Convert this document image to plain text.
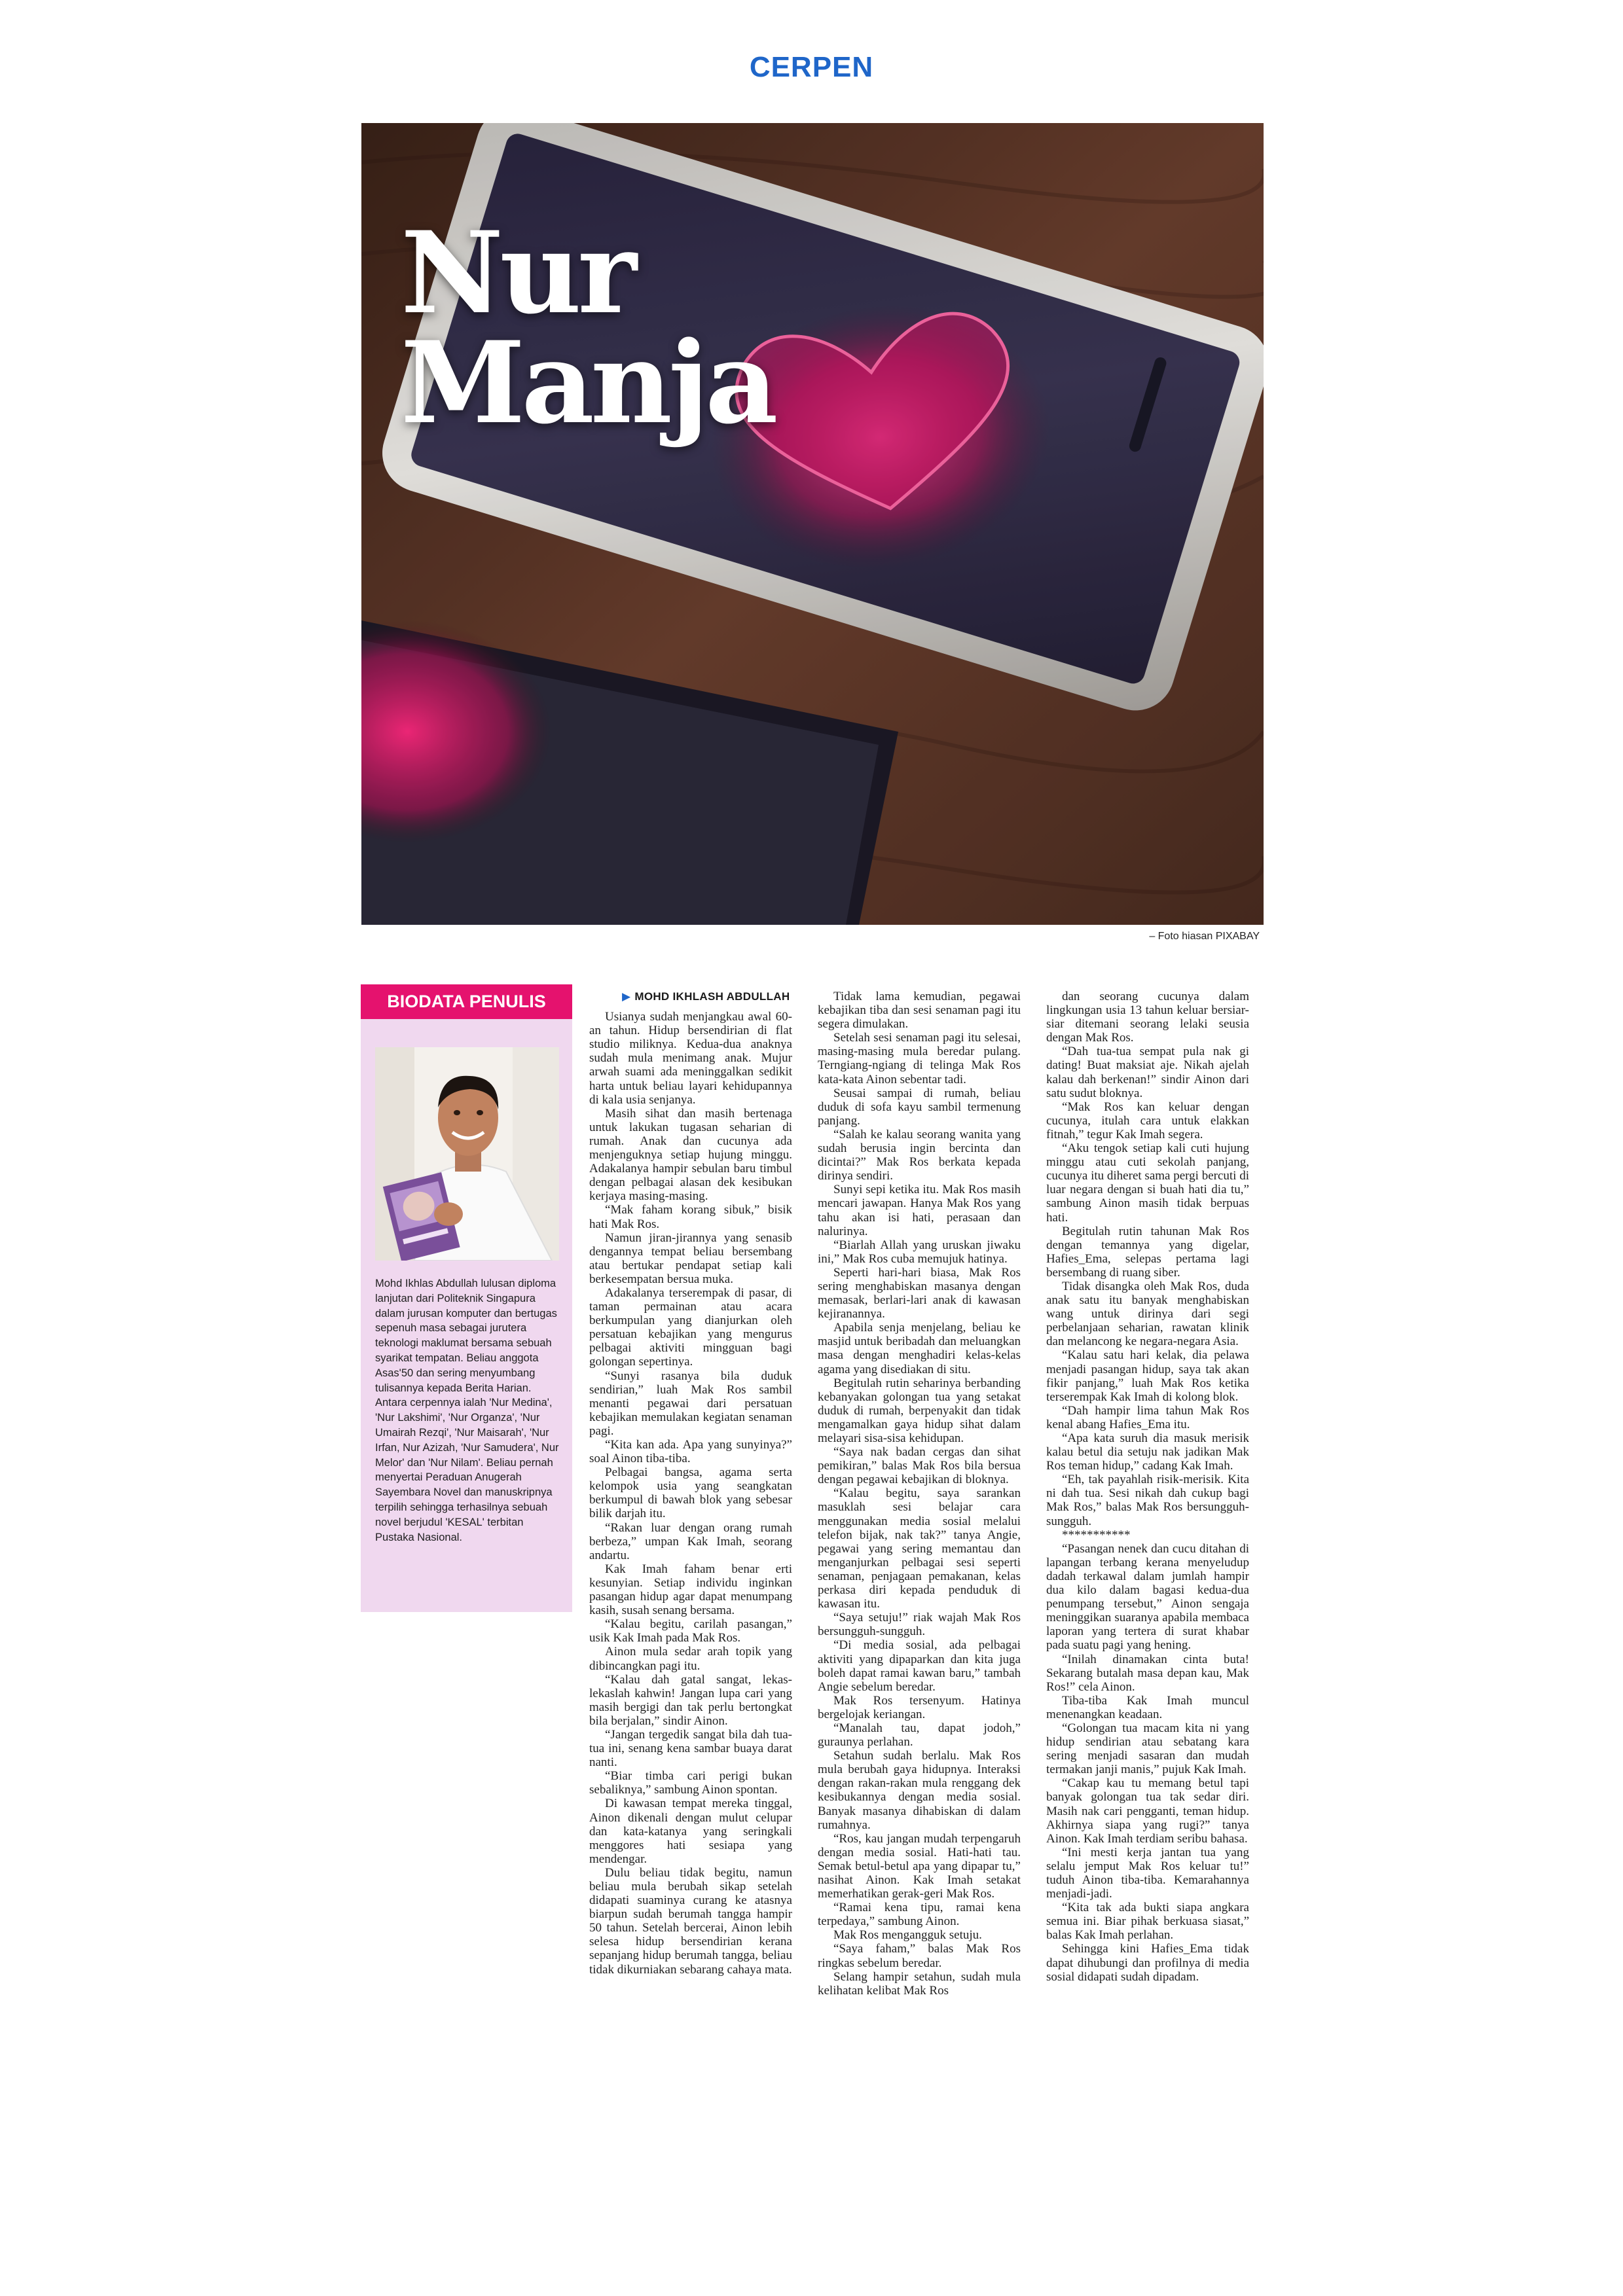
CERPEN
Nur
Manja
– Foto hiasan PIXABAY
BIODATA PENULIS
Mohd Ikhlas Abdullah lulusan diploma lanjutan dari Politeknik Singapura dalam jurusan komputer dan bertugas sepenuh masa sebagai jurutera teknologi maklumat bersama sebuah syarikat tempatan. Beliau anggota Asas'50 dan sering menyumbang tulisannya kepada Berita Harian. Antara cerpennya ialah 'Nur Medina', 'Nur Lakshimi', 'Nur Organza', 'Nur Umairah Rezqi', 'Nur Maisarah', 'Nur Irfan, Nur Azizah, 'Nur Samudera', Nur Melor' dan 'Nur Nilam'. Beliau pernah menyertai Peraduan Anugerah Sayembara Novel dan manuskripnya terpilih sehingga terhasilnya sebuah novel berjudul 'KESAL' terbitan Pustaka Nasional.
▶ MOHD IKHLASH ABDULLAH

Usianya sudah menjangkau awal 60-an tahun. Hidup bersendirian di flat studio miliknya. Kedua-dua anaknya sudah mula menimang anak. Mujur arwah suami ada meninggalkan sedikit harta untuk beliau layari kehidupannya di kala usia senjanya.

Masih sihat dan masih bertenaga untuk lakukan tugasan seharian di rumah. Anak dan cucunya ada menjenguknya setiap hujung minggu. Adakalanya hampir sebulan baru timbul dengan pelbagai alasan dek kesibukan kerjaya masing-masing.

“Mak faham korang sibuk,” bisik hati Mak Ros.

Namun jiran-jirannya yang senasib dengannya tempat beliau bersembang atau bertukar pendapat setiap kali berkesempatan bersua muka.

Adakalanya terserempak di pasar, di taman permainan atau acara berkumpulan yang dianjurkan oleh persatuan kebajikan yang mengurus pelbagai aktiviti mingguan bagi golongan sepertinya.

“Sunyi rasanya bila duduk sendirian,” luah Mak Ros sambil menanti pegawai dari persatuan kebajikan memulakan kegiatan senaman pagi.

“Kita kan ada. Apa yang sunyinya?” soal Ainon tiba-tiba.

Pelbagai bangsa, agama serta kelompok usia yang seangkatan berkumpul di bawah blok yang sebesar bilik darjah itu.

“Rakan luar dengan orang rumah berbeza,” umpan Kak Imah, seorang andartu.

Kak Imah faham benar erti kesunyian. Setiap individu inginkan pasangan hidup agar dapat menumpang kasih, susah senang bersama.

“Kalau begitu, carilah pasangan,” usik Kak Imah pada Mak Ros.

Ainon mula sedar arah topik yang dibincangkan pagi itu.

“Kalau dah gatal sangat, lekas-lekaslah kahwin! Jangan lupa cari yang masih bergigi dan tak perlu bertongkat bila berjalan,” sindir Ainon.

“Jangan tergedik sangat bila dah tua-tua ini, senang kena sambar buaya darat nanti.

“Biar timba cari perigi bukan sebaliknya,” sambung Ainon spontan.

Di kawasan tempat mereka tinggal, Ainon dikenali dengan mulut celupar dan kata-katanya yang seringkali menggores hati sesiapa yang mendengar.

Dulu beliau tidak begitu, namun beliau mula berubah sikap setelah didapati suaminya curang ke atasnya biarpun sudah berumah tangga hampir 50 tahun. Setelah bercerai, Ainon lebih selesa hidup bersendirian kerana sepanjang hidup berumah tangga, beliau tidak dikurniakan sebarang cahaya mata.

Tidak lama kemudian, pegawai kebajikan tiba dan sesi senaman pagi itu segera dimulakan.

Setelah sesi senaman pagi itu selesai, masing-masing mula beredar pulang. Terngiang-ngiang di telinga Mak Ros kata-kata Ainon sebentar tadi.

Seusai sampai di rumah, beliau duduk di sofa kayu sambil termenung panjang.

“Salah ke kalau seorang wanita yang sudah berusia ingin bercinta dan dicintai?” Mak Ros berkata kepada dirinya sendiri.

Sunyi sepi ketika itu. Mak Ros masih mencari jawapan. Hanya Mak Ros yang tahu akan isi hati, perasaan dan nalurinya.

“Biarlah Allah yang uruskan jiwaku ini,” Mak Ros cuba memujuk hatinya.

Seperti hari-hari biasa, Mak Ros sering menghabiskan masanya dengan memasak, berlari-lari anak di kawasan kejiranannya.

Apabila senja menjelang, beliau ke masjid untuk beribadah dan meluangkan masa dengan menghadiri kelas-kelas agama yang disediakan di situ.

Begitulah rutin seharinya berbanding kebanyakan golongan tua yang setakat duduk di rumah, berpenyakit dan tidak mengamalkan gaya hidup sihat dalam melayari sisa-sisa kehidupan.

“Saya nak badan cergas dan sihat pemikiran,” balas Mak Ros bila bersua dengan pegawai kebajikan di bloknya.

“Kalau begitu, saya sarankan masuklah sesi belajar cara menggunakan media sosial melalui telefon bijak, nak tak?” tanya Angie, pegawai yang sering memantau dan menganjurkan pelbagai sesi seperti senaman, penjagaan pemakanan, kelas perkasa diri kepada penduduk di kawasan itu.

“Saya setuju!” riak wajah Mak Ros bersungguh-sungguh.

“Di media sosial, ada pelbagai aktiviti yang dipaparkan dan kita juga boleh dapat ramai kawan baru,” tambah Angie sebelum beredar.

Mak Ros tersenyum. Hatinya bergelojak keriangan.

“Manalah tau, dapat jodoh,” guraunya perlahan.

Setahun sudah berlalu. Mak Ros mula berubah gaya hidupnya. Interaksi dengan rakan-rakan mula renggang dek kesibukannya dengan media sosial. Banyak masanya dihabiskan di dalam rumahnya.

“Ros, kau jangan mudah terpengaruh dengan media sosial. Hati-hati tau. Semak betul-betul apa yang dipapar tu,” nasihat Ainon. Kak Imah setakat memerhatikan gerak-geri Mak Ros.

“Ramai kena tipu, ramai kena terpedaya,” sambung Ainon.

Mak Ros mengangguk setuju.

“Saya faham,” balas Mak Ros ringkas sebelum beredar.

Selang hampir setahun, sudah mula kelihatan kelibat Mak Ros

dan seorang cucunya dalam lingkungan usia 13 tahun keluar bersiar-siar ditemani seorang lelaki seusia dengan Mak Ros.

“Dah tua-tua sempat pula nak gi dating! Buat maksiat aje. Nikah ajelah kalau dah berkenan!” sindir Ainon dari satu sudut bloknya.

“Mak Ros kan keluar dengan cucunya, itulah cara untuk elakkan fitnah,” tegur Kak Imah segera.

“Aku tengok setiap kali cuti hujung minggu atau cuti sekolah panjang, cucunya itu diheret sama pergi bercuti di luar negara dengan si buah hati dia tu,” sambung Ainon masih tidak berpuas hati.

Begitulah rutin tahunan Mak Ros dengan temannya yang digelar, Hafies_Ema, selepas pertama lagi bersembang di ruang siber.

Tidak disangka oleh Mak Ros, duda anak satu itu banyak menghabiskan wang untuk dirinya dari segi perbelanjaan seharian, rawatan klinik dan melancong ke negara-negara Asia.

“Kalau satu hari kelak, dia pelawa menjadi pasangan hidup, saya tak akan fikir panjang,” luah Mak Ros ketika terserempak Kak Imah di kolong blok.

“Dah hampir lima tahun Mak Ros kenal abang Hafies_Ema itu.

“Apa kata suruh dia masuk merisik kalau betul dia setuju nak jadikan Mak Ros teman hidup,” cadang Kak Imah.

“Eh, tak payahlah risik-merisik. Kita ni dah tua. Sesi nikah dah cukup bagi Mak Ros,” balas Mak Ros bersungguh-sungguh.

***********

“Pasangan nenek dan cucu ditahan di lapangan terbang kerana menyeludup dadah terkawal dalam jumlah hampir dua kilo dalam bagasi kedua-dua penumpang tersebut,” Ainon sengaja meninggikan suaranya apabila membaca laporan yang tertera di surat khabar pada suatu pagi yang hening.

“Inilah dinamakan cinta buta! Sekarang butalah masa depan kau, Mak Ros!” cela Ainon.

Tiba-tiba Kak Imah muncul menenangkan keadaan.

“Golongan tua macam kita ni yang hidup sendirian atau sebatang kara sering menjadi sasaran dan mudah termakan janji manis,” pujuk Kak Imah.

“Cakap kau tu memang betul tapi banyak golongan tua tak sedar diri. Masih nak cari pengganti, teman hidup. Akhirnya siapa yang rugi?” tanya Ainon. Kak Imah terdiam seribu bahasa.

“Ini mesti kerja jantan tua yang selalu jemput Mak Ros keluar tu!” tuduh Ainon tiba-tiba. Kemarahannya menjadi-jadi.

“Kita tak ada bukti siapa angkara semua ini. Biar pihak berkuasa siasat,” balas Kak Imah perlahan.

Sehingga kini Hafies_Ema tidak dapat dihubungi dan profilnya di media sosial didapati sudah dipadam.
